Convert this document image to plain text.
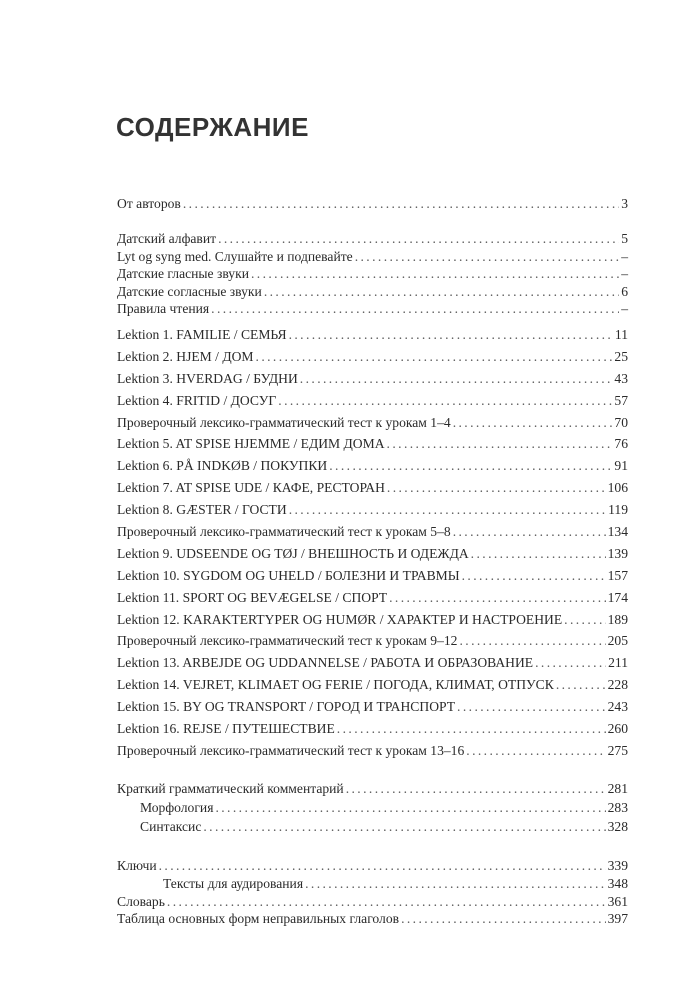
СОДЕРЖАНИЕ
От авторов . . .	3
Датский алфавит . . .	5
Lyt og syng med. Слушайте и подпевайте . . .	–
Датские гласные звуки . . .	–
Датские согласные звуки . . .	6
Правила чтения . . .	–
Lektion 1. FAMILIE / СЕМЬЯ . . .	11
Lektion 2. HJEM / ДОМ . . .	25
Lektion 3. HVERDAG / БУДНИ . . .	43
Lektion 4. FRITID / ДОСУГ . . .	57
Проверочный лексико-грамматический тест к урокам 1–4 . . .	70
Lektion 5. AT SPISE HJEMME / ЕДИМ ДОМА . . .	76
Lektion 6. PÅ INDKØB / ПОКУПКИ . . .	91
Lektion 7. AT SPISE UDE / КАФЕ, РЕСТОРАН . . .	106
Lektion 8. GÆSTER / ГОСТИ . . .	119
Проверочный лексико-грамматический тест к урокам 5–8 . . .	134
Lektion 9. UDSEENDE OG TØJ / ВНЕШНОСТЬ И ОДЕЖДА . . .	139
Lektion 10. SYGDOM OG UHELD / БОЛЕЗНИ И ТРАВМЫ . . .	157
Lektion 11. SPORT OG BEVÆGELSE / СПОРТ . . .	174
Lektion 12. KARAKTERTYPER OG HUMØR / ХАРАКТЕР И НАСТРОЕНИЕ . . .	189
Проверочный лексико-грамматический тест к урокам 9–12 . . .	205
Lektion 13. ARBEJDE OG UDDANNELSE / РАБОТА И ОБРАЗОВАНИЕ . . .	211
Lektion 14. VEJRET, KLIMAET OG FERIE / ПОГОДА, КЛИМАТ, ОТПУСК . . .	228
Lektion 15. BY OG TRANSPORT / ГОРОД И ТРАНСПОРТ . . .	243
Lektion 16. REJSE / ПУТЕШЕСТВИЕ . . .	260
Проверочный лексико-грамматический тест к урокам 13–16 . . .	275
Краткий грамматический комментарий . . .	281
Морфология . . .	283
Синтаксис . . .	328
Ключи . . .	339
Тексты для аудирования . . .	348
Словарь . . .	361
Таблица основных форм неправильных глаголов . . .	397
